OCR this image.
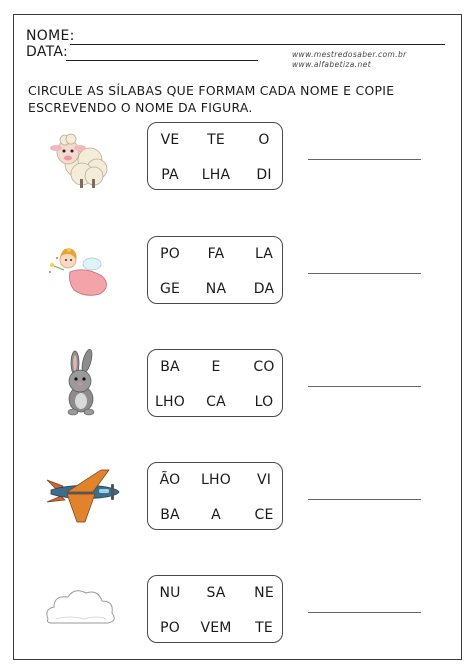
NOME:
DATA:	www.mestredosaber.com.br
www.alfabetiza.net
CIRCULE AS SÍLABAS QUE FORMAM CADA NOME E COPIE
ESCREVENDO O NOME DA FIGURA.
VE	TE	O
PA	LHA	DI
PO	FA	LA
GE	NA	DA
BA	E	CO
LHO	CA	LO
ÃO	LHO	VI
BA	A	CE
NU	SA	NE
PO	VEM	TE
